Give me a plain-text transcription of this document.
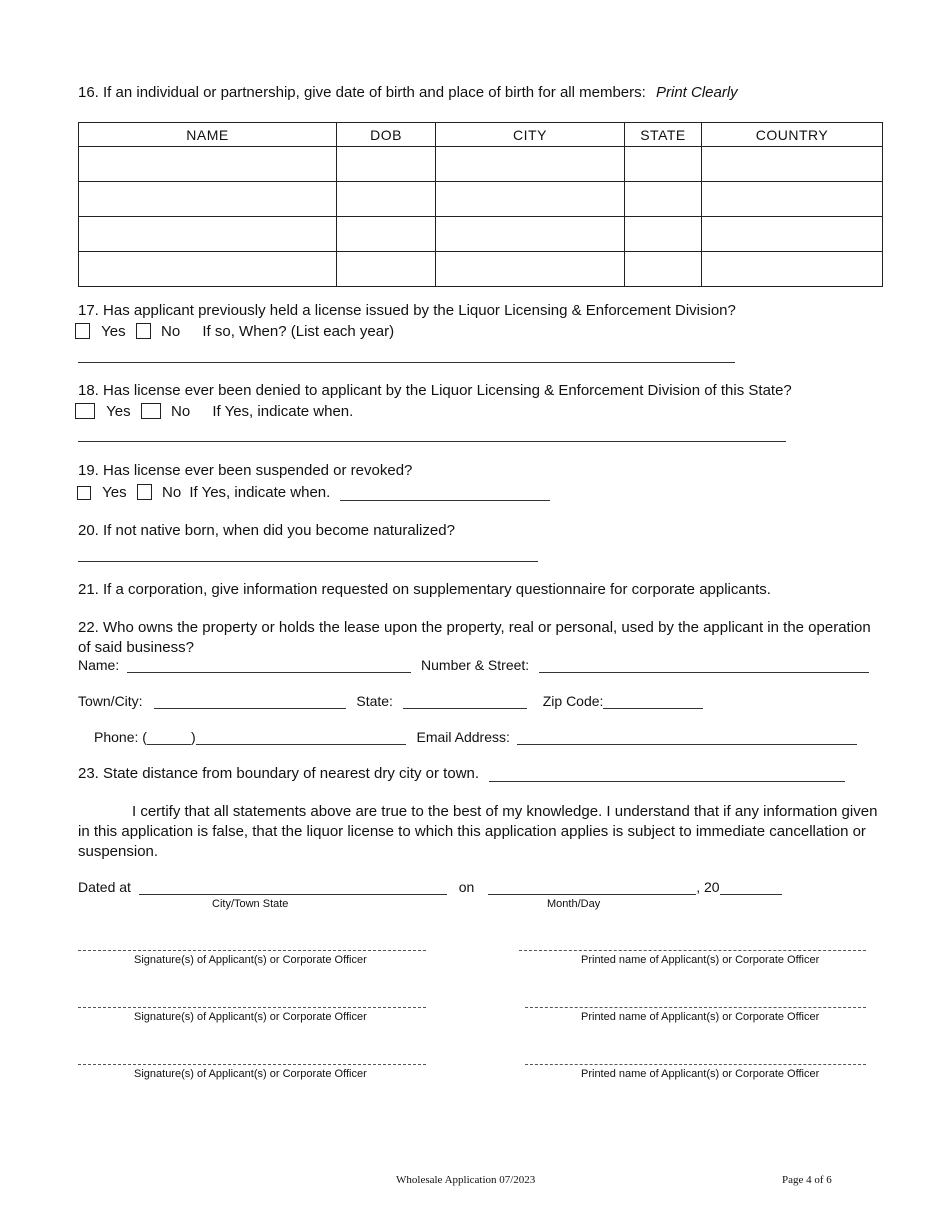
16. If an individual or partnership, give date of birth and place of birth for all members: Print Clearly
NAME	DOB	CITY	STATE	COUNTRY

17. Has applicant previously held a license issued by the Liquor Licensing & Enforcement Division?
Yes No If so, When? (List each year)
18. Has license ever been denied to applicant by the Liquor Licensing & Enforcement Division of this State?
Yes	No If Yes, indicate when.
19. Has license ever been suspended or revoked?
Yes No If Yes, indicate when.
20. If not native born, when did you become naturalized?
21. If a corporation, give information requested on supplementary questionnaire for corporate applicants.
22. Who owns the property or holds the lease upon the property, real or personal, used by the applicant in the operation of said business?
Name:	Number & Street:
Town/City:	State:	Zip Code:
Phone: (	)	Email Address:
23. State distance from boundary of nearest dry city or town.
I certify that all statements above are true to the best of my knowledge. I understand that if any information given in this application is false, that the liquor license to which this application applies is subject to immediate cancellation or suspension.
Dated at	on	, 20
City/Town State	Month/Day
Signature(s) of Applicant(s) or Corporate Officer	Printed name of Applicant(s) or Corporate Officer
Signature(s) of Applicant(s) or Corporate Officer	Printed name of Applicant(s) or Corporate Officer
Signature(s) of Applicant(s) or Corporate Officer	Printed name of Applicant(s) or Corporate Officer
Wholesale Application 07/2023	Page 4 of 6
